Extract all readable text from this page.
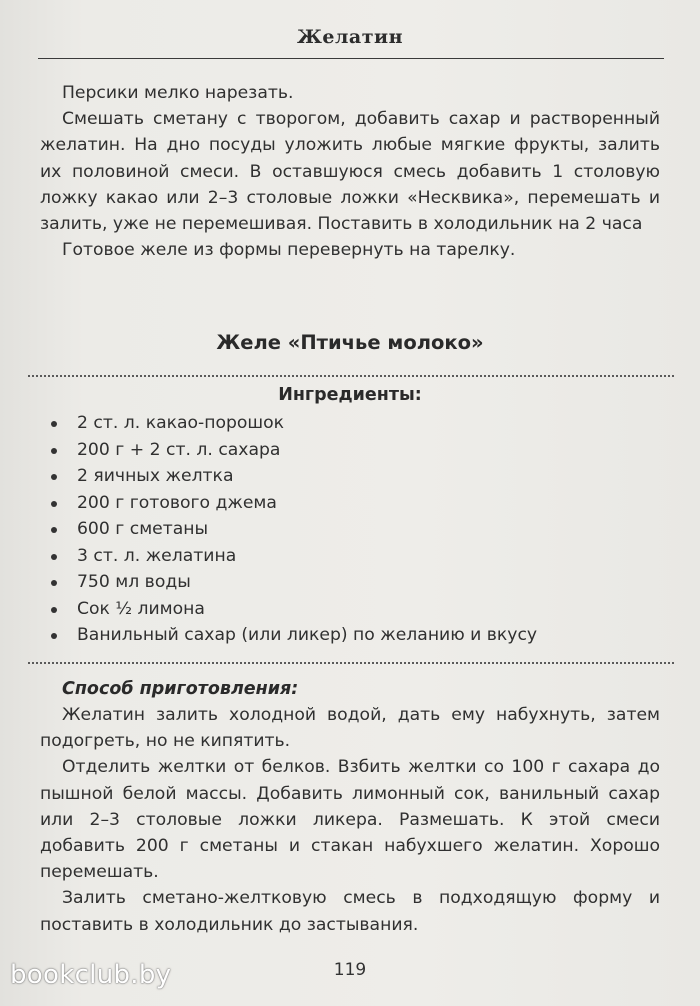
Желатин

Персики мелко нарезать.

Смешать сметану с творогом, добавить сахар и растворенный желатин. На дно посуды уложить любые мягкие фрукты, залить их половиной смеси. В оставшуюся смесь добавить 1 столовую ложку какао или 2–3 столовые ложки «Несквика», перемешать и залить, уже не перемешивая. Поставить в холодильник на 2 часа

Готовое желе из формы перевернуть на тарелку.

Желе «Птичье молоко»
Ингредиенты:
2 ст. л. какао-порошок
200 г + 2 ст. л. сахара
2 яичных желтка
200 г готового джема
600 г сметаны
3 ст. л. желатина
750 мл воды
Сок ½ лимона
Ванильный сахар (или ликер) по желанию и вкусу
Способ приготовления:

Желатин залить холодной водой, дать ему набухнуть, затем подогреть, но не кипятить.

Отделить желтки от белков. Взбить желтки со 100 г сахара до пышной белой массы. Добавить лимонный сок, ванильный сахар или 2–3 столовые ложки ликера. Размешать. К этой смеси добавить 200 г сметаны и стакан набухшего желатин. Хорошо перемешать.

Залить сметано-желтковую смесь в подходящую форму и поставить в холодильник до застывания.

119
bookclub.by
